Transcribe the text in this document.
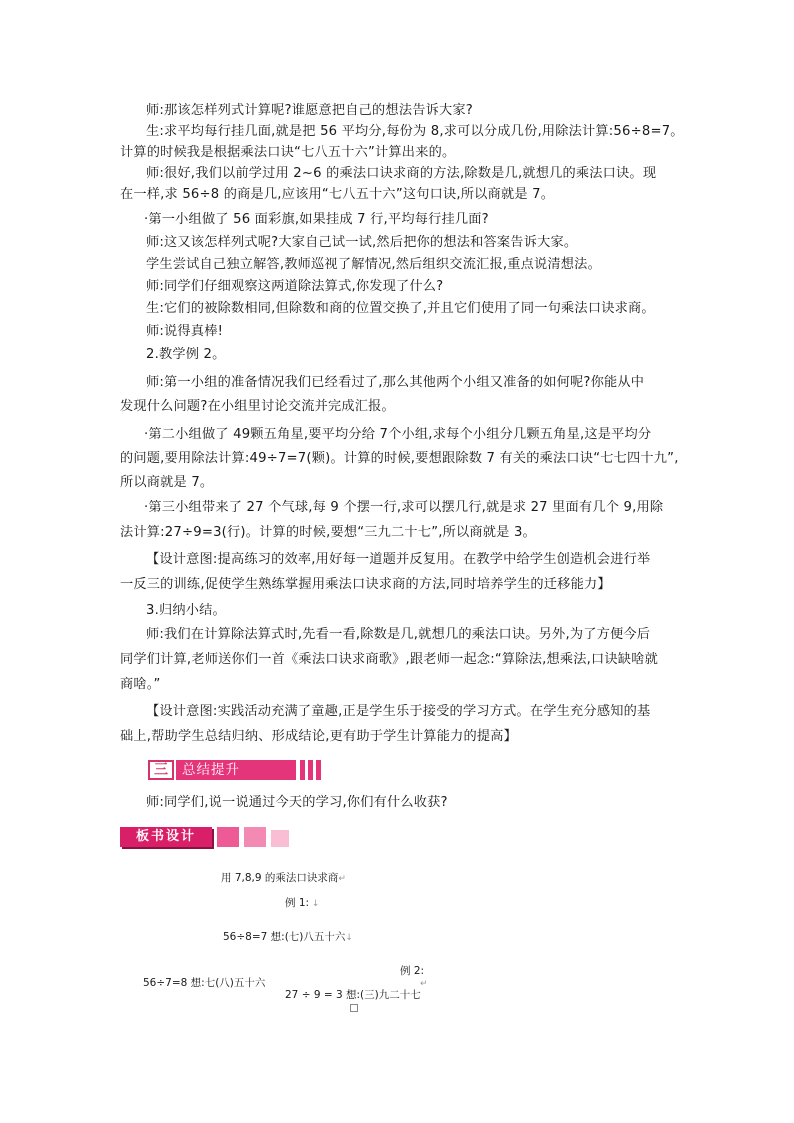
师:那该怎样列式计算呢?谁愿意把自己的想法告诉大家?

生:求平均每行挂几面,就是把 56 平均分,每份为 8,求可以分成几份,用除法计算:56÷8=7。

计算的时候我是根据乘法口诀“七八五十六”计算出来的。

师:很好,我们以前学过用 2~6 的乘法口诀求商的方法,除数是几,就想几的乘法口诀。现

在一样,求 56÷8 的商是几,应该用“七八五十六”这句口诀,所以商就是 7。

·第一小组做了 56 面彩旗,如果挂成 7 行,平均每行挂几面?

师:这又该怎样列式呢?大家自己试一试,然后把你的想法和答案告诉大家。

学生尝试自己独立解答,教师巡视了解情况,然后组织交流汇报,重点说清想法。

师:同学们仔细观察这两道除法算式,你发现了什么?

生:它们的被除数相同,但除数和商的位置交换了,并且它们使用了同一句乘法口诀求商。

师:说得真棒!

2.教学例 2。

师:第一小组的准备情况我们已经看过了,那么其他两个小组又准备的如何呢?你能从中

发现什么问题?在小组里讨论交流并完成汇报。

·第二小组做了 49颗五角星,要平均分给 7个小组,求每个小组分几颗五角星,这是平均分

的问题,要用除法计算:49÷7=7(颗)。计算的时候,要想跟除数 7 有关的乘法口诀“七七四十九”,

所以商就是 7。

·第三小组带来了 27 个气球,每 9 个摆一行,求可以摆几行,就是求 27 里面有几个 9,用除

法计算:27÷9=3(行)。计算的时候,要想“三九二十七”,所以商就是 3。

【设计意图:提高练习的效率,用好每一道题并反复用。在教学中给学生创造机会进行举

一反三的训练,促使学生熟练掌握用乘法口诀求商的方法,同时培养学生的迁移能力】

3.归纳小结。

师:我们在计算除法算式时,先看一看,除数是几,就想几的乘法口诀。另外,为了方便今后

同学们计算,老师送你们一首《乘法口诀求商歌》,跟老师一起念:“算除法,想乘法,口诀缺啥就

商啥。”

【设计意图:实践活动充满了童趣,正是学生乐于接受的学习方式。在学生充分感知的基

础上,帮助学生总结归纳、形成结论,更有助于学生计算能力的提高】

三	总结提升

师:同学们,说一说通过今天的学习,你们有什么收获?

板书设计
用 7,8,9 的乘法口诀求商↵
例 1: ↓
56÷8=7 想:(七)八五十六↓
例 2:
↵
56÷7=8 想:七(八)五十六
27 ÷ 9 = 3 想:(三)九二十七
